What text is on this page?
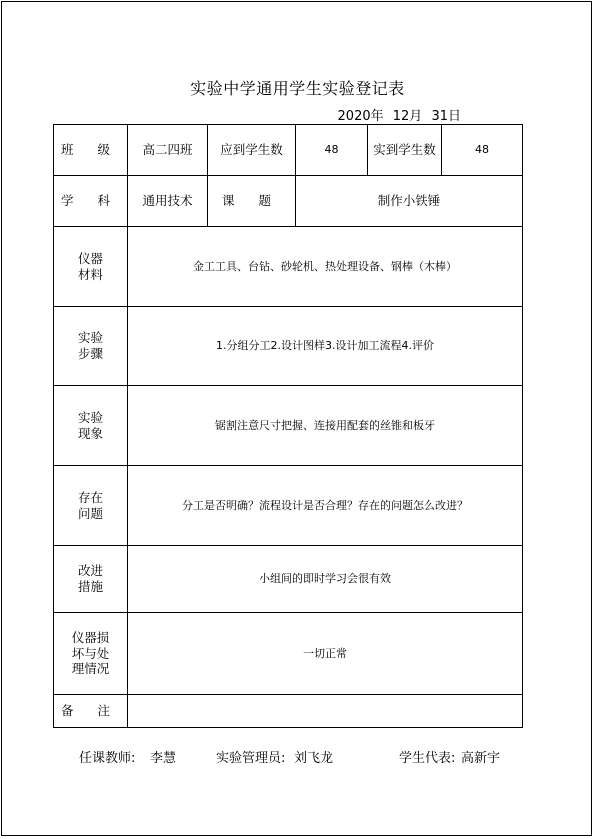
实验中学通用学生实验登记表
2020年 12月 31日
班 级	高二四班	应到学生数	48	实到学生数	48
学 科	通用技术	课 题	制作小铁锤		
仪器
材料	金工工具、台钻、砂轮机、热处理设备、钢棒（木棒）				
实验
步骤	1.分组分工2.设计图样3.设计加工流程4.评价				
实验
现象	锯割注意尺寸把握、连接用配套的丝锥和板牙				
存在
问题	分工是否明确？流程设计是否合理？存在的问题怎么改进？				
改进
措施	小组间的即时学习会很有效				
仪器损
坏与处
理情况	一切正常				
备 注					
任课教师: 李慧	实验管理员: 刘飞龙	学生代表: 高新宇
